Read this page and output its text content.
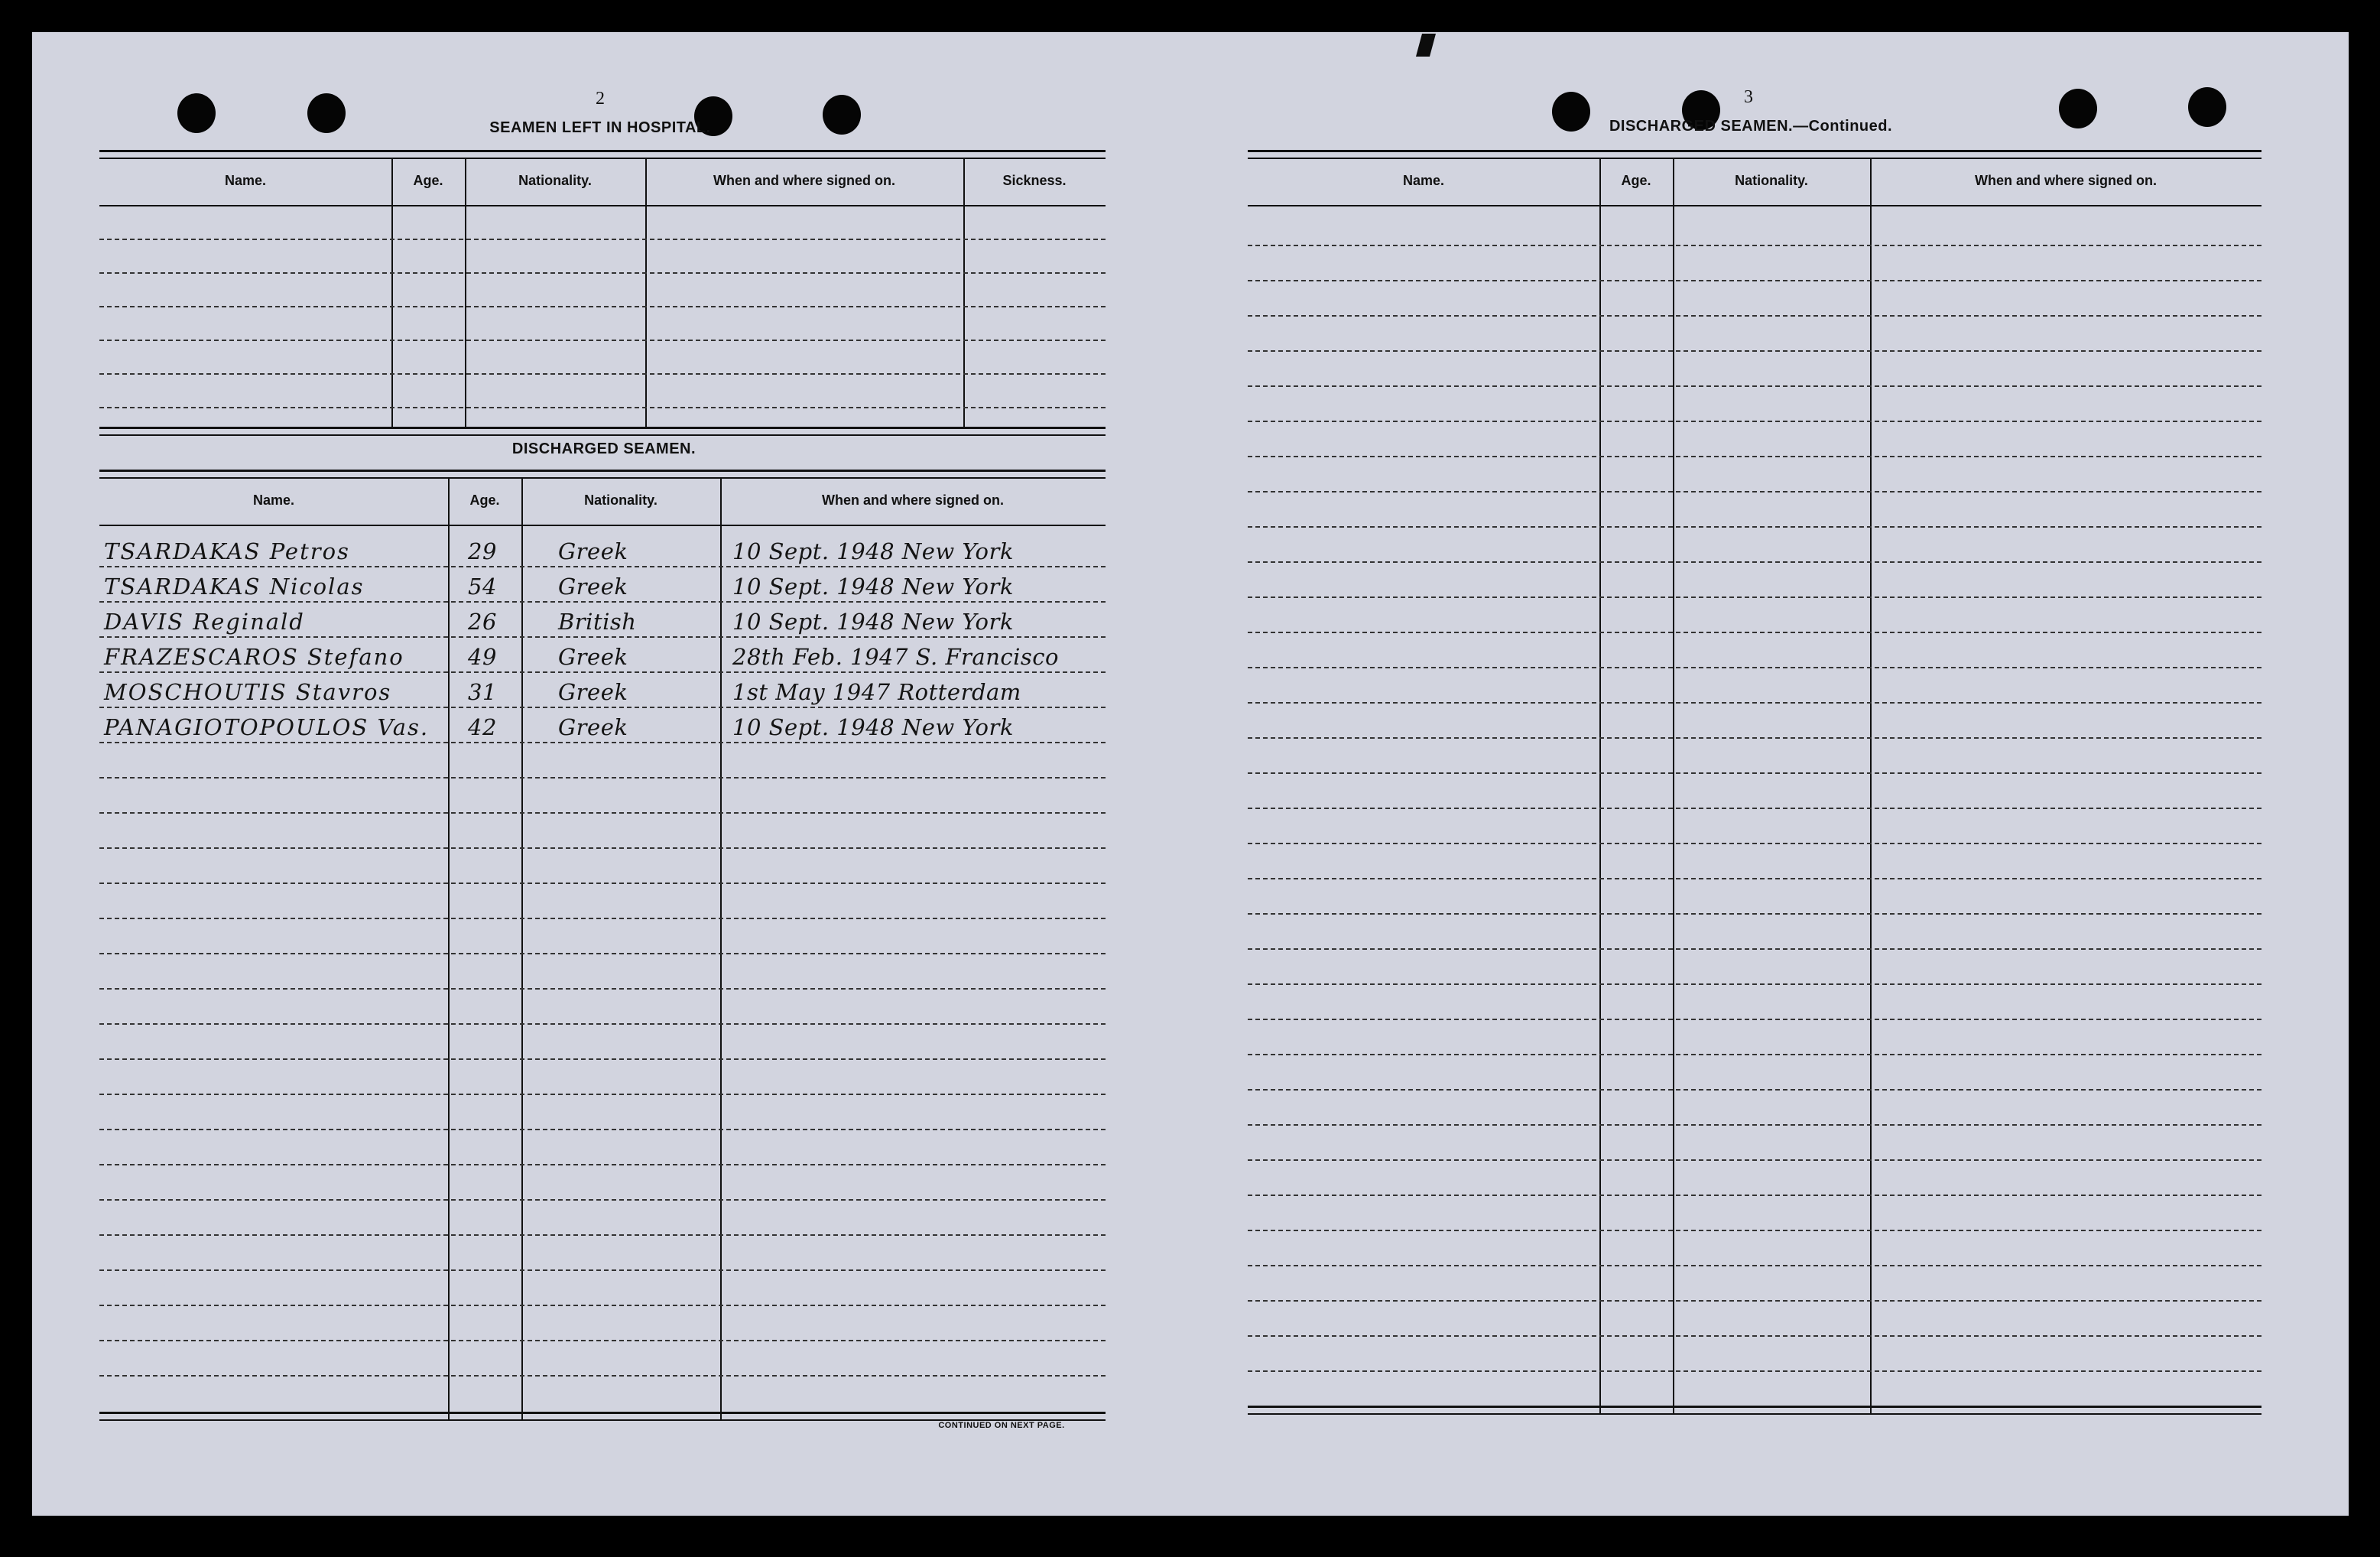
2
SEAMEN LEFT IN HOSPITAL.
Name.	Age.	Nationality.	When and where signed on.	Sickness.
DISCHARGED SEAMEN.
Name.	Age.	Nationality.	When and where signed on.
TSARDAKAS Petros	29	Greek	10 Sept. 1948 New York
TSARDAKAS Nicolas	54	Greek	10 Sept. 1948 New York
DAVIS Reginald	26	British	10 Sept. 1948 New York
FRAZESCAROS Stefano	49	Greek	28th Feb. 1947 S. Francisco
MOSCHOUTIS Stavros	31	Greek	1st May 1947 Rotterdam
PANAGIOTOPOULOS Vas. 42	Greek	10 Sept. 1948 New York
CONTINUED ON NEXT PAGE.
3
DISCHARGED SEAMEN.—Continued.
Name.	Age.	Nationality.	When and where signed on.
